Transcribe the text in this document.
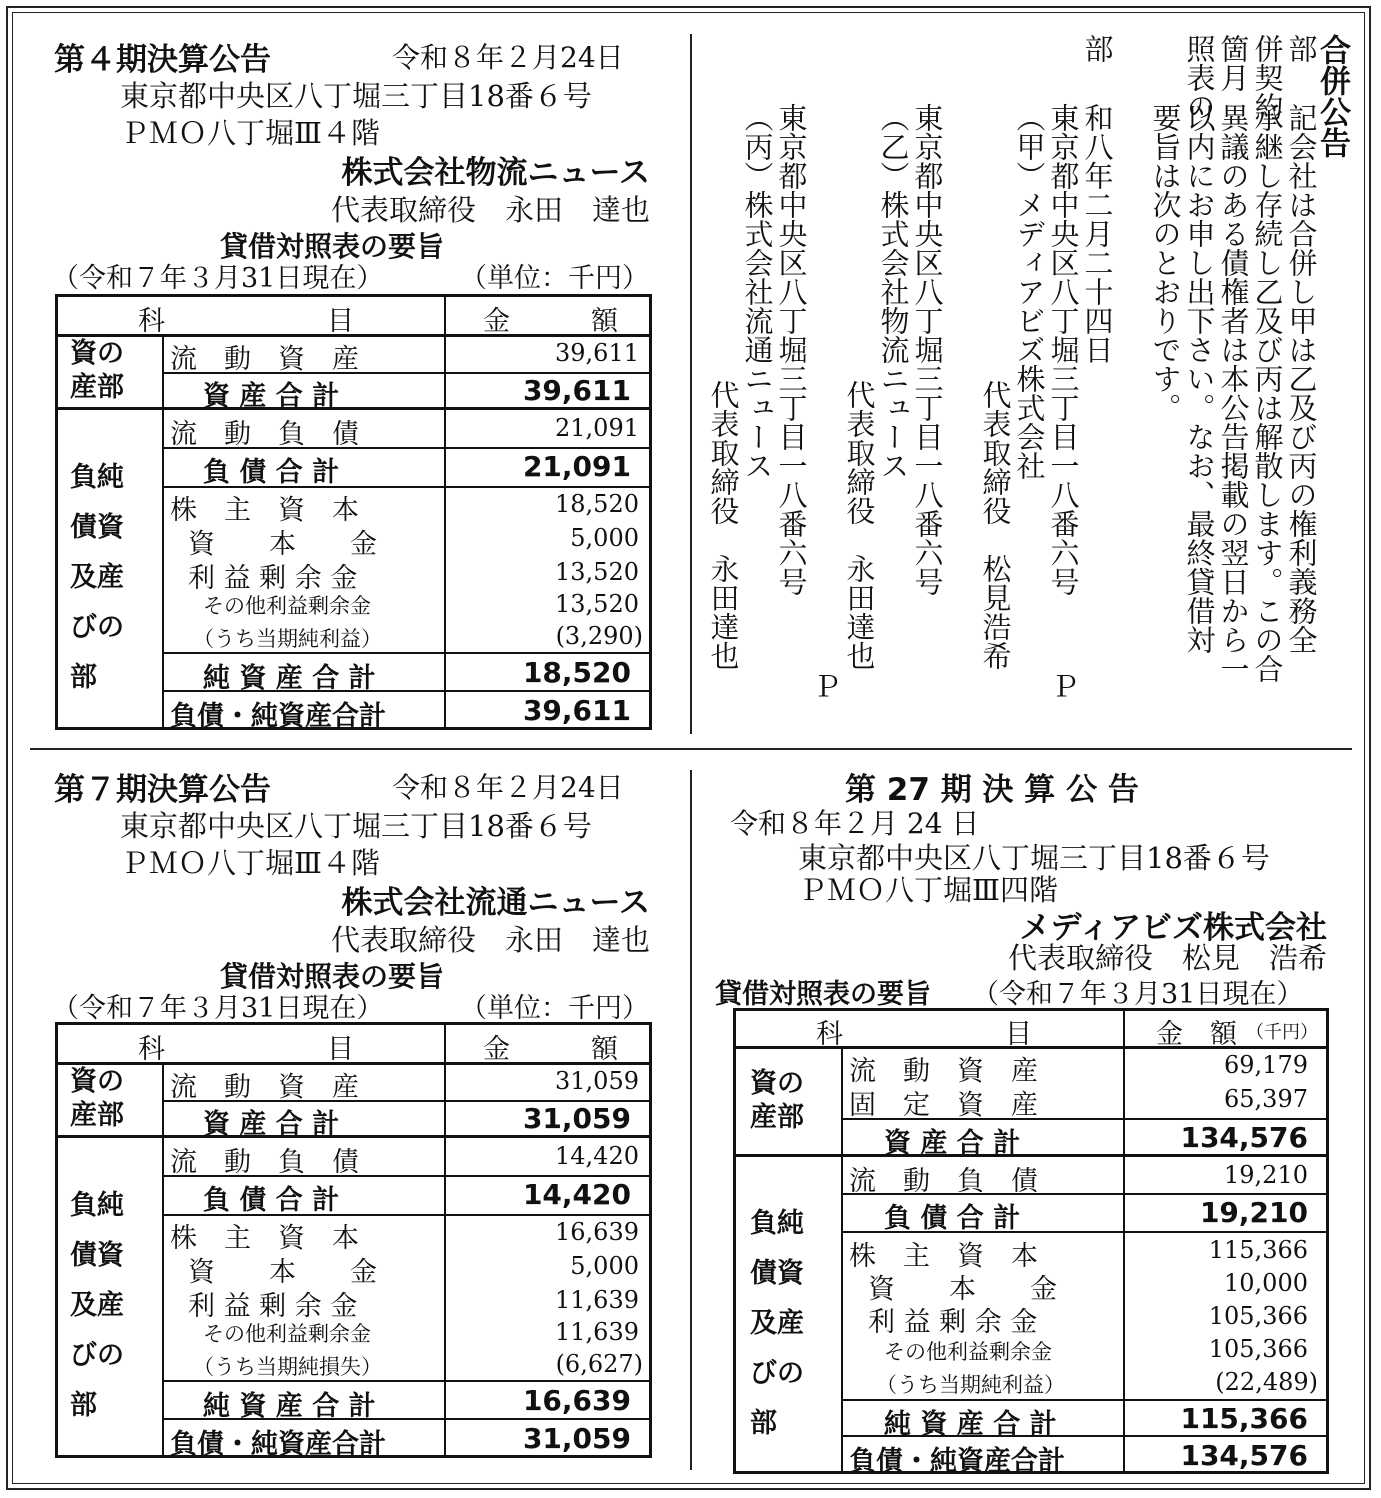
第４期決算公告	令和８年２月24日
東京都中央区八丁堀三丁目18番６号
ＰＭＯ八丁堀Ⅲ４階
株式会社物流ニュース
代表取締役　永田　達也
貸借対照表の要旨
（令和７年３月31日現在）	（単位：千円）
科　　　　　　目	金　　　額
資の
産部
負純
債資
及産
びの
部
流　動　資　産	39,611
資 産 合 計	39,611
流　動　負　債	21,091
負 債 合 計	21,091
株　主　資　本	18,520
資　　本　　金	5,000
利 益 剰 余 金	13,520
その他利益剰余金	13,520
（うち当期純利益）	(3,290)
純 資 産 合 計	18,520
負債・純資産合計	39,611
第７期決算公告	令和８年２月24日
東京都中央区八丁堀三丁目18番６号
ＰＭＯ八丁堀Ⅲ４階
株式会社流通ニュース
代表取締役　永田　達也
貸借対照表の要旨
（令和７年３月31日現在）	（単位：千円）
科　　　　　　目	金　　　額
資の
産部
負純
債資
及産
びの
部
流　動　資　産	31,059
資 産 合 計	31,059
流　動　負　債	14,420
負 債 合 計	14,420
株　主　資　本	16,639
資　　本　　金	5,000
利 益 剰 余 金	11,639
その他利益剰余金	11,639
（うち当期純損失）	(6,627)
純 資 産 合 計	16,639
負債・純資産合計	31,059
第 27 期 決 算 公 告
令和８年２月 24 日
東京都中央区八丁堀三丁目18番６号
ＰＭＯ八丁堀Ⅲ四階
メディアビズ株式会社
代表取締役　松見　浩希
貸借対照表の要旨 （令和７年３月31日現在）
科　　　　　　目	金　額 （千円）
資の
産部
負純
債資
及産
びの
部
流　動　資　産	69,179
固　定　資　産	65,397
資 産 合 計	134,576
流　動　負　債	19,210
負 債 合 計	19,210
株　主　資　本	115,366
資　　本　　金	10,000
利 益 剰 余 金	105,366
その他利益剰余金	105,366
（うち当期純利益）	(22,489)
純 資 産 合 計	115,366
負債・純資産合計	134,576
合併公告
記会社は合併し甲は乙及び丙の権利義務全
承継し存続し乙及び丙は解散します。この合
異議のある債権者は本公告掲載の翌日から一
以内にお申し出下さい。なお、最終貸借対
要旨は次のとおりです。
和八年二月二十四日
照表の 箇月 併契約 部
部
東京都中央区八丁堀三丁目一八番六号
Ｐ
（甲）メディアビズ株式会社
代表取締役　松見浩希
東京都中央区八丁堀三丁目一八番六号
（乙）株式会社物流ニュース
代表取締役　永田達也
Ｐ
東京都中央区八丁堀三丁目一八番六号
（丙）株式会社流通ニュース
代表取締役　永田達也
